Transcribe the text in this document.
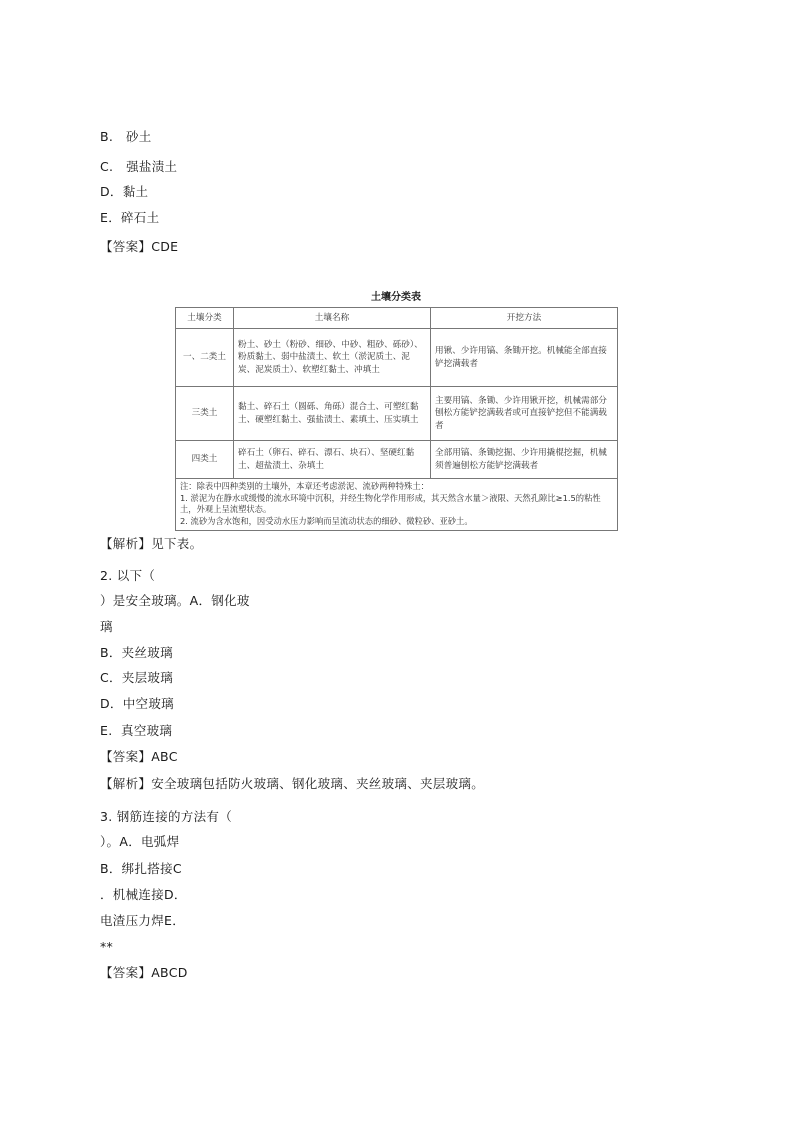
B.   砂土
C.   强盐渍土
D．黏土
E．碎石土
【答案】CDE
土壤分类表
土壤分类	土壤名称	开挖方法
一、二类土	粉土、砂土（粉砂、细砂、中砂、粗砂、砾砂）、粉质黏土、弱中盐渍土、软土（淤泥质土、泥炭、泥炭质土）、软塑红黏土、冲填土	用锹、少许用镐、条锄开挖。机械能全部直接铲挖满载者
三类土	黏土、碎石土（圆砾、角砾）混合土、可塑红黏土、硬塑红黏土、强盐渍土、素填土、压实填土	主要用镐、条锄、少许用锹开挖，机械需部分刨松方能铲挖满载者或可直接铲挖但不能满载者
四类土	碎石土（卵石、碎石、漂石、块石）、坚硬红黏土、超盐渍土、杂填土	全部用镐、条锄挖掘、少许用撬棍挖掘，机械须普遍刨松方能铲挖满载者

注：除表中四种类别的土壤外，本章还考虑淤泥、流砂两种特殊土：
1. 淤泥为在静水或缓慢的流水环境中沉积，并经生物化学作用形成，其天然含水量＞液限、天然孔隙比≥1.5的粘性土，外观上呈流塑状态。
2. 流砂为含水饱和，因受动水压力影响而呈流动状态的细砂、微粒砂、亚砂土。		
【解析】见下表。
2. 以下（
）是安全玻璃。A．钢化玻
璃
B．夹丝玻璃
C．夹层玻璃
D．中空玻璃
E.  真空玻璃
【答案】ABC
【解析】安全玻璃包括防火玻璃、钢化玻璃、夹丝玻璃、夹层玻璃。
3. 钢筋连接的方法有（
）。A．电弧焊
B．绑扎搭接C
．机械连接D．
电渣压力焊E．
**
【答案】ABCD
